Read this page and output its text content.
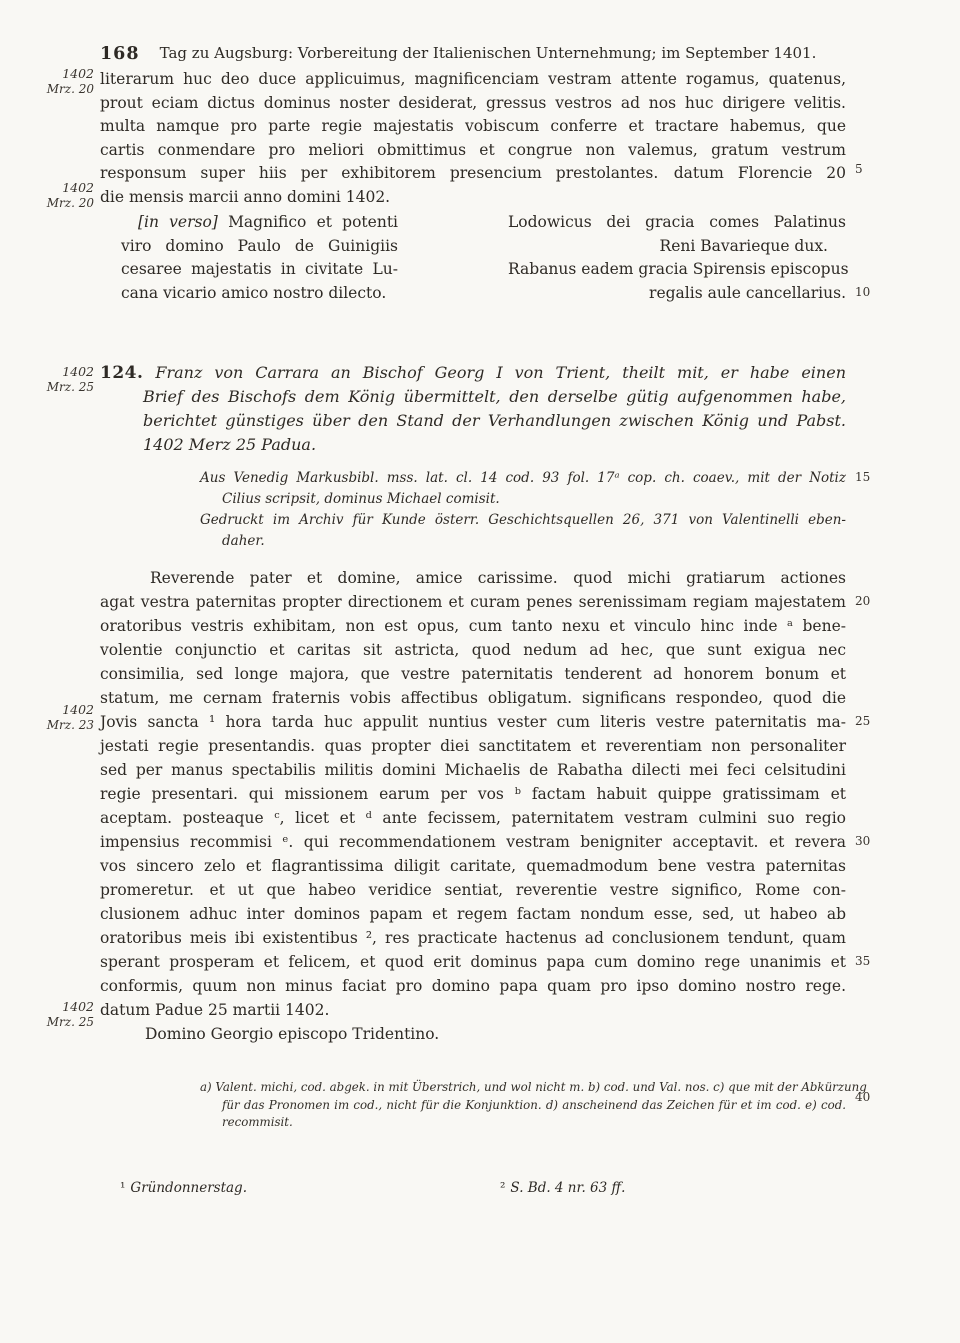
168	Tag zu Augsburg: Vorbereitung der Italienischen Unternehmung; im September 1401.
1402
Mrz. 20
1402
Mrz. 20
1402
Mrz. 25
1402
Mrz. 23
1402
Mrz. 25
5
10
15
20
25
30
35
40
literarum huc deo duce applicuimus, magnificenciam vestram attente rogamus, quatenus,
prout eciam dictus dominus noster desiderat, gressus vestros ad nos huc dirigere velitis.
multa namque pro parte regie majestatis vobiscum conferre et tractare habemus, que
cartis conmendare pro meliori obmittimus et congrue non valemus, gratum vestrum
responsum super hiis per exhibitorem presencium prestolantes. datum Florencie 20
die mensis marcii anno domini 1402.
[in verso] Magnifico et potenti
viro domino Paulo de Guinigiis
cesaree majestatis in civitate Lu-
cana vicario amico nostro dilecto.
Lodowicus dei gracia comes Palatinus
Reni Bavarieque dux.
Rabanus eadem gracia Spirensis episcopus
regalis aule cancellarius.
124. Franz von Carrara an Bischof Georg I von Trient, theilt mit, er habe einen
Brief des Bischofs dem König übermittelt, den derselbe gütig aufgenommen habe,
berichtet günstiges über den Stand der Verhandlungen zwischen König und Pabst.
1402 Merz 25 Padua.
Aus Venedig Markusbibl. mss. lat. cl. 14 cod. 93 fol. 17ᵃ cop. ch. coaev., mit der Notiz
Cilius scripsit, dominus Michael comisit.
Gedruckt im Archiv für Kunde österr. Geschichtsquellen 26, 371 von Valentinelli eben-
daher.
Reverende pater et domine, amice carissime. quod michi gratiarum actiones
agat vestra paternitas propter directionem et curam penes serenissimam regiam majestatem
oratoribus vestris exhibitam, non est opus, cum tanto nexu et vinculo hinc inde ᵃ bene-
volentie conjunctio et caritas sit astricta, quod nedum ad hec, que sunt exigua nec
consimilia, sed longe majora, que vestre paternitatis tenderent ad honorem bonum et
statum, me cernam fraternis vobis affectibus obligatum. significans respondeo, quod die
Jovis sancta ¹ hora tarda huc appulit nuntius vester cum literis vestre paternitatis ma-
jestati regie presentandis. quas propter diei sanctitatem et reverentiam non personaliter
sed per manus spectabilis militis domini Michaelis de Rabatha dilecti mei feci celsitudini
regie presentari. qui missionem earum per vos ᵇ factam habuit quippe gratissimam et
aceptam. posteaque ᶜ, licet et ᵈ ante fecissem, paternitatem vestram culmini suo regio
impensius recommisi ᵉ. qui recommendationem vestram benigniter acceptavit. et revera
vos sincero zelo et flagrantissima diligit caritate, quemadmodum bene vestra paternitas
promeretur. et ut que habeo veridice sentiat, reverentie vestre significo, Rome con-
clusionem adhuc inter dominos papam et regem factam nondum esse, sed, ut habeo ab
oratoribus meis ibi existentibus ², res practicate hactenus ad conclusionem tendunt, quam
sperant prosperam et felicem, et quod erit dominus papa cum domino rege unanimis et
conformis, quum non minus faciat pro domino papa quam pro ipso domino nostro rege.
datum Padue 25 martii 1402.
Domino Georgio episcopo Tridentino.
a) Valent. michi, cod. abgek. in mit Überstrich, und wol nicht m. b) cod. und Val. nos. c) que mit der Abkürzung
für das Pronomen im cod., nicht für die Konjunktion. d) anscheinend das Zeichen für et im cod. e) cod.
recommisit.
¹ Gründonnerstag.	² S. Bd. 4 nr. 63 ff.
